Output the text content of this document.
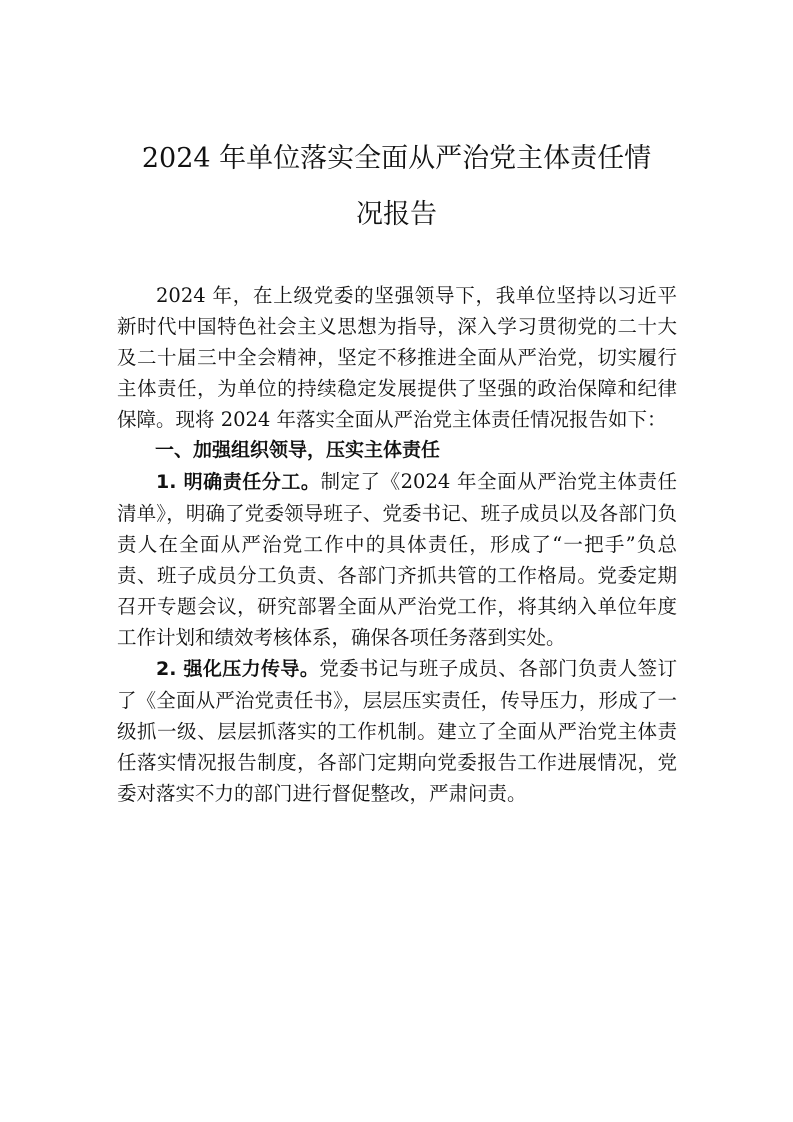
2024 年单位落实全面从严治党主体责任情
况报告

2024 年，在上级党委的坚强领导下，我单位坚持以习近平新时代中国特色社会主义思想为指导，深入学习贯彻党的二十大及二十届三中全会精神，坚定不移推进全面从严治党，切实履行主体责任，为单位的持续稳定发展提供了坚强的政治保障和纪律保障。现将 2024 年落实全面从严治党主体责任情况报告如下：

一、加强组织领导，压实主体责任

1. 明确责任分工。制定了《2024 年全面从严治党主体责任清单》，明确了党委领导班子、党委书记、班子成员以及各部门负责人在全面从严治党工作中的具体责任，形成了“一把手”负总责、班子成员分工负责、各部门齐抓共管的工作格局。党委定期召开专题会议，研究部署全面从严治党工作，将其纳入单位年度工作计划和绩效考核体系，确保各项任务落到实处。

2. 强化压力传导。党委书记与班子成员、各部门负责人签订了《全面从严治党责任书》，层层压实责任，传导压力，形成了一级抓一级、层层抓落实的工作机制。建立了全面从严治党主体责任落实情况报告制度，各部门定期向党委报告工作进展情况，党委对落实不力的部门进行督促整改，严肃问责。
